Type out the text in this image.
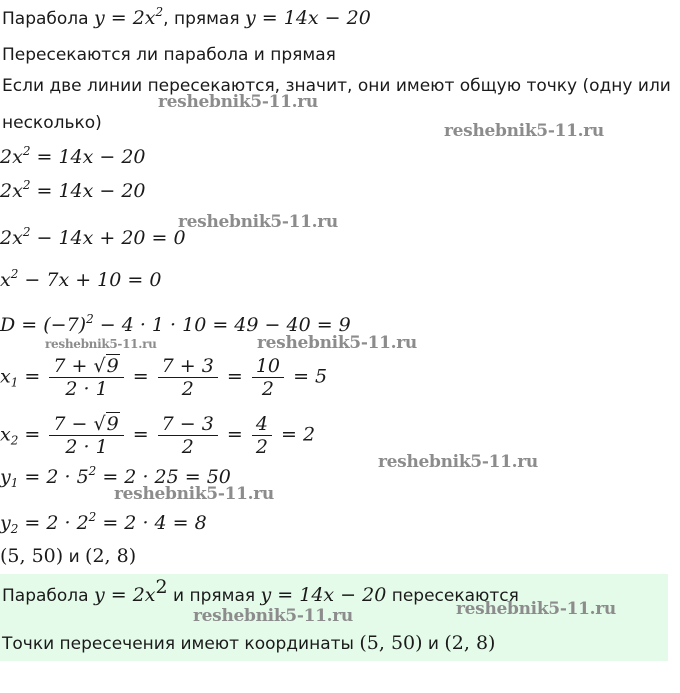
Парабола $y = 2x^2$, прямая y = 14x − 20
Пересекаются ли парабола и прямая
Если две линии пересекаются, значит, они имеют общую точку (одну или
несколько)
$2x^2 = 14x - 20$
$2x^2 = 14x - 20$
$2x^2 - 14x + 20 = 0$
$x^2 - 7x + 10 = 0$
$D = (-7)^2 - 4 \cdot 1 \cdot 10 = 49 - 40 = 9$
$x_1 = \frac{7 + √9}{2 \cdot 1} = \frac{7 + 3}{2} = \frac{10}{2} = 5$
$x_2 = \frac{7 - √9}{2 \cdot 1} = \frac{7 - 3}{2} = \frac{4}{2} = 2$
$y_1 = 2 \cdot 5^2 = 2 \cdot 25 = 50$
$y_2 = 2 \cdot 2^2 = 2 \cdot 4 = 8$
(5, 50) и (2, 8)
Парабола $y = 2x^2$ и прямая y = 14x − 20 пересекаются
Точки пересечения имеют координаты (5, 50) и (2, 8)
reshebnik5-11.ru
reshebnik5-11.ru
reshebnik5-11.ru
reshebnik5-11.ru	reshebnik5-11.ru
reshebnik5-11.ru
reshebnik5-11.ru
reshebnik5-11.ru	reshebnik5-11.ru
